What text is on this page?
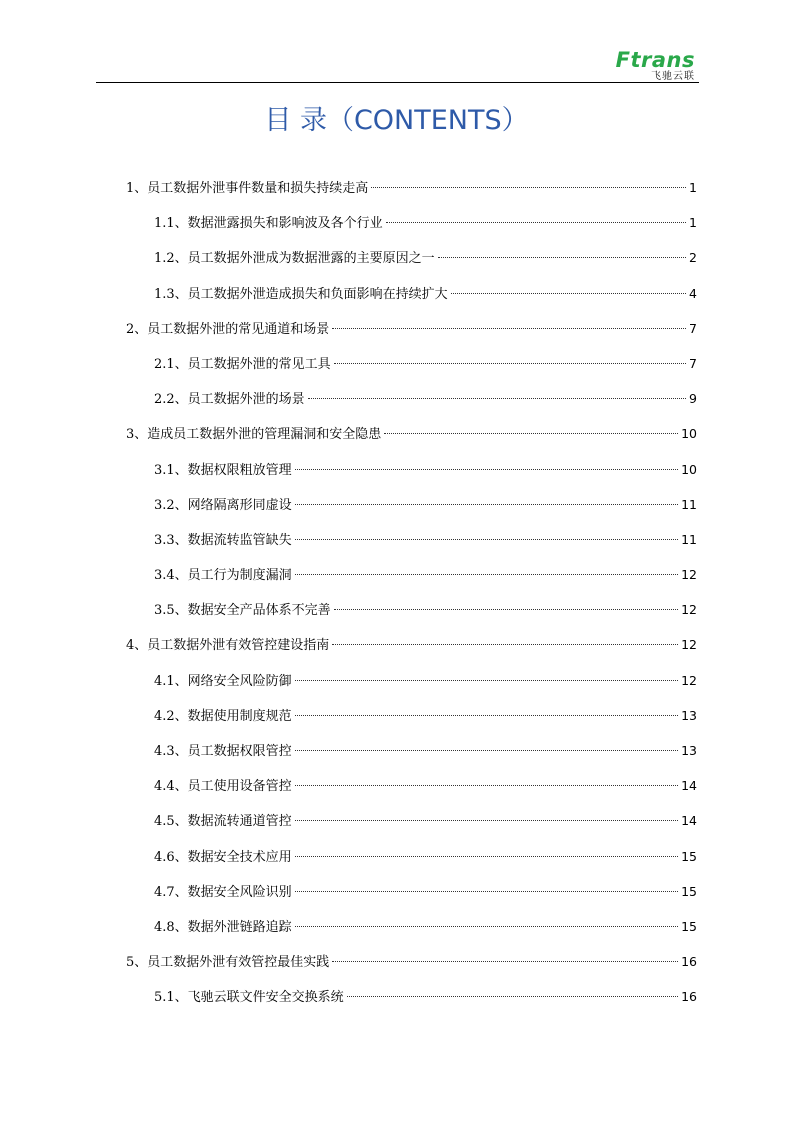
Ftrans
飞驰云联
目 录（CONTENTS）
1、员工数据外泄事件数量和损失持续走高	1
1.1、数据泄露损失和影响波及各个行业	1
1.2、员工数据外泄成为数据泄露的主要原因之一	2
1.3、员工数据外泄造成损失和负面影响在持续扩大	4
2、员工数据外泄的常见通道和场景	7
2.1、员工数据外泄的常见工具	7
2.2、员工数据外泄的场景	9
3、造成员工数据外泄的管理漏洞和安全隐患	10
3.1、数据权限粗放管理	10
3.2、网络隔离形同虚设	11
3.3、数据流转监管缺失	11
3.4、员工行为制度漏洞	12
3.5、数据安全产品体系不完善	12
4、员工数据外泄有效管控建设指南	12
4.1、网络安全风险防御	12
4.2、数据使用制度规范	13
4.3、员工数据权限管控	13
4.4、员工使用设备管控	14
4.5、数据流转通道管控	14
4.6、数据安全技术应用	15
4.7、数据安全风险识别	15
4.8、数据外泄链路追踪	15
5、员工数据外泄有效管控最佳实践	16
5.1、飞驰云联文件安全交换系统	16
